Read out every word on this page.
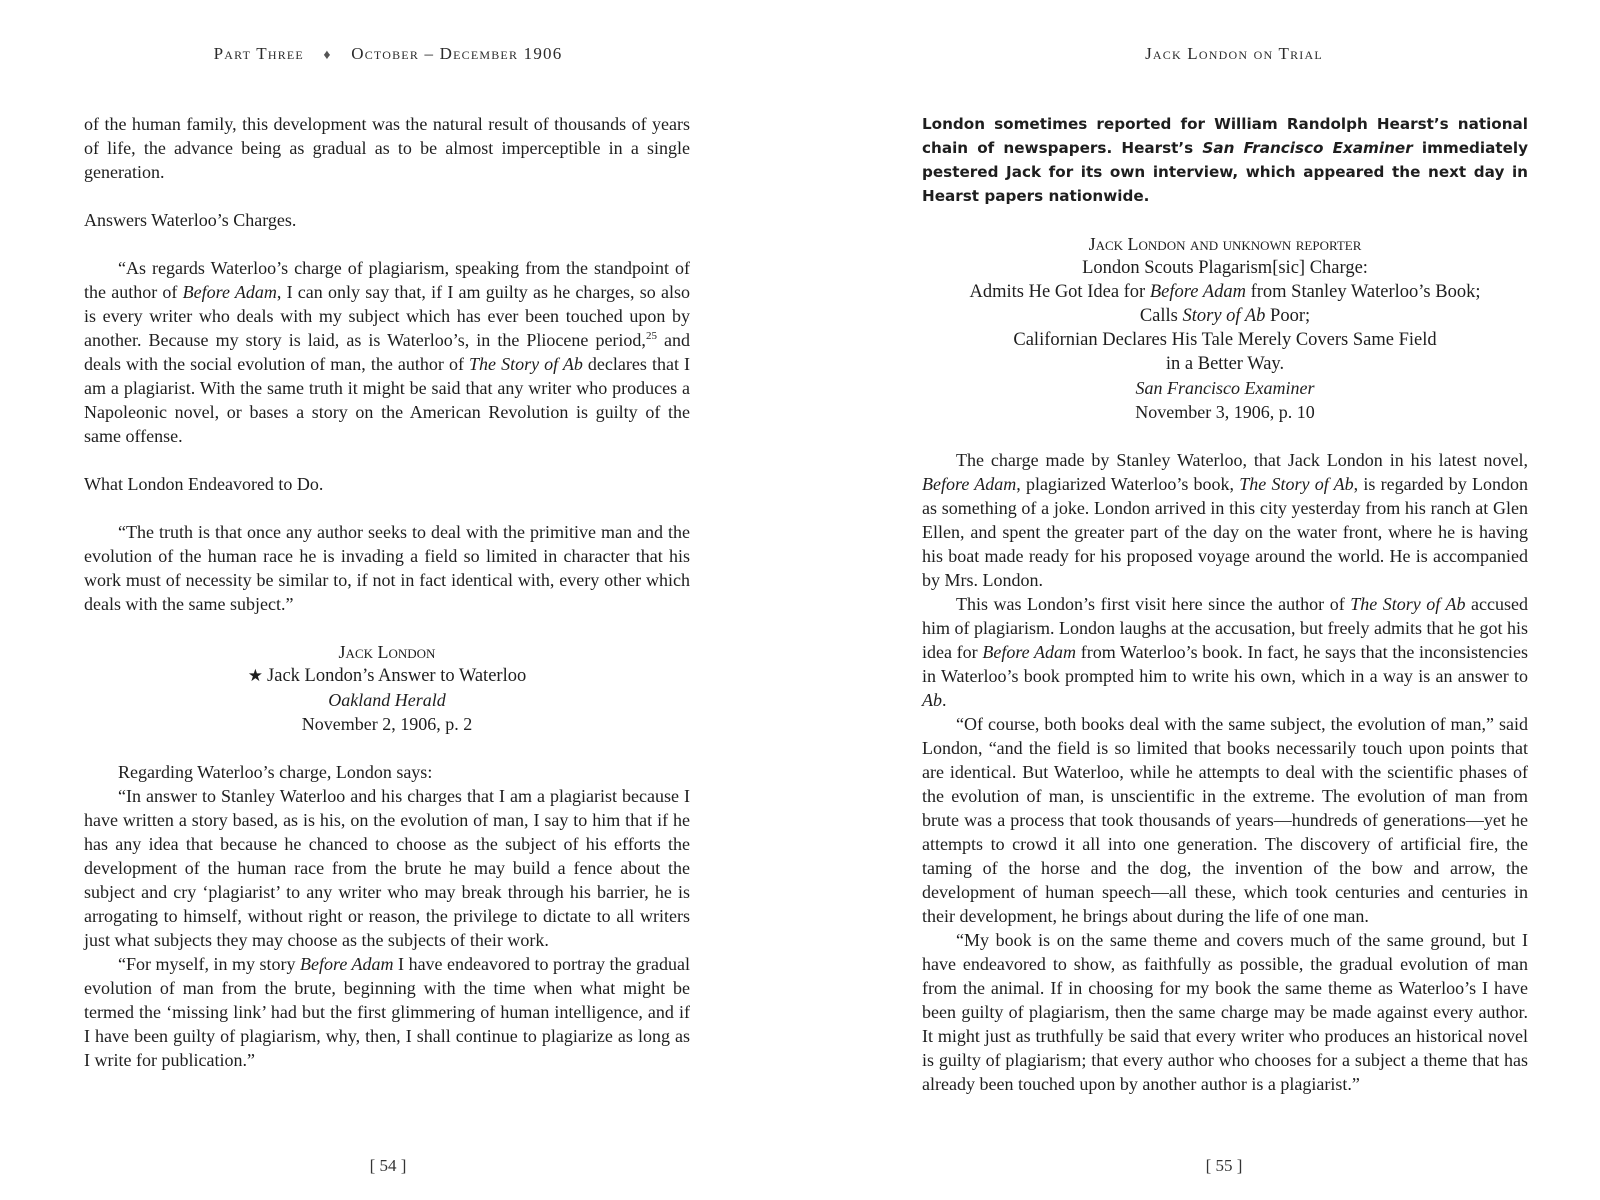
Part Three ♦ October – December 1906

of the human family, this development was the natural result of thousands of years of life, the advance being as gradual as to be almost imperceptible in a single generation.

Answers Waterloo’s Charges.

“As regards Waterloo’s charge of plagiarism, speaking from the standpoint of the author of Before Adam, I can only say that, if I am guilty as he charges, so also is every writer who deals with my subject which has ever been touched upon by another. Because my story is laid, as is Waterloo’s, in the Pliocene period,$^{25}$ and deals with the social evolution of man, the author of The Story of Ab declares that I am a plagiarist. With the same truth it might be said that any writer who produces a Napoleonic novel, or bases a story on the American Revolution is guilty of the same offense.

What London Endeavored to Do.

“The truth is that once any author seeks to deal with the primitive man and the evolution of the human race he is invading a field so limited in character that his work must of necessity be similar to, if not in fact identical with, every other which deals with the same subject.”

Jack London
★ Jack London’s Answer to Waterloo
Oakland Herald
November 2, 1906, p. 2

Regarding Waterloo’s charge, London says:

“In answer to Stanley Waterloo and his charges that I am a plagiarist because I have written a story based, as is his, on the evolution of man, I say to him that if he has any idea that because he chanced to choose as the subject of his efforts the development of the human race from the brute he may build a fence about the subject and cry ‘plagiarist’ to any writer who may break through his barrier, he is arrogating to himself, without right or reason, the privilege to dictate to all writers just what subjects they may choose as the subjects of their work.

“For myself, in my story Before Adam I have endeavored to portray the gradual evolution of man from the brute, beginning with the time when what might be termed the ‘missing link’ had but the first glimmering of human intelligence, and if I have been guilty of plagiarism, why, then, I shall continue to plagiarize as long as I write for publication.”

[ 54 ]
Jack London on Trial

London sometimes reported for William Randolph Hearst’s national chain of newspapers. Hearst’s San Francisco Examiner immediately pestered Jack for its own interview, which appeared the next day in Hearst papers nationwide.

Jack London and unknown reporter
London Scouts Plagarism[sic] Charge:
Admits He Got Idea for Before Adam from Stanley Waterloo’s Book;
Calls Story of Ab Poor;
Californian Declares His Tale Merely Covers Same Field
in a Better Way.
San Francisco Examiner
November 3, 1906, p. 10

The charge made by Stanley Waterloo, that Jack London in his latest novel, Before Adam, plagiarized Waterloo’s book, The Story of Ab, is regarded by London as something of a joke. London arrived in this city yesterday from his ranch at Glen Ellen, and spent the greater part of the day on the water front, where he is having his boat made ready for his proposed voyage around the world. He is accompanied by Mrs. London.

This was London’s first visit here since the author of The Story of Ab accused him of plagiarism. London laughs at the accusation, but freely admits that he got his idea for Before Adam from Waterloo’s book. In fact, he says that the inconsistencies in Waterloo’s book prompted him to write his own, which in a way is an answer to Ab.

“Of course, both books deal with the same subject, the evolution of man,” said London, “and the field is so limited that books necessarily touch upon points that are identical. But Waterloo, while he attempts to deal with the scientific phases of the evolution of man, is unscientific in the extreme. The evolution of man from brute was a process that took thousands of years—hundreds of generations—yet he attempts to crowd it all into one generation. The discovery of artificial fire, the taming of the horse and the dog, the invention of the bow and arrow, the development of human speech—all these, which took centuries and centuries in their development, he brings about during the life of one man.

“My book is on the same theme and covers much of the same ground, but I have endeavored to show, as faithfully as possible, the gradual evolution of man from the animal. If in choosing for my book the same theme as Waterloo’s I have been guilty of plagiarism, then the same charge may be made against every author. It might just as truthfully be said that every writer who produces an historical novel is guilty of plagiarism; that every author who chooses for a subject a theme that has already been touched upon by another author is a plagiarist.”

[ 55 ]
